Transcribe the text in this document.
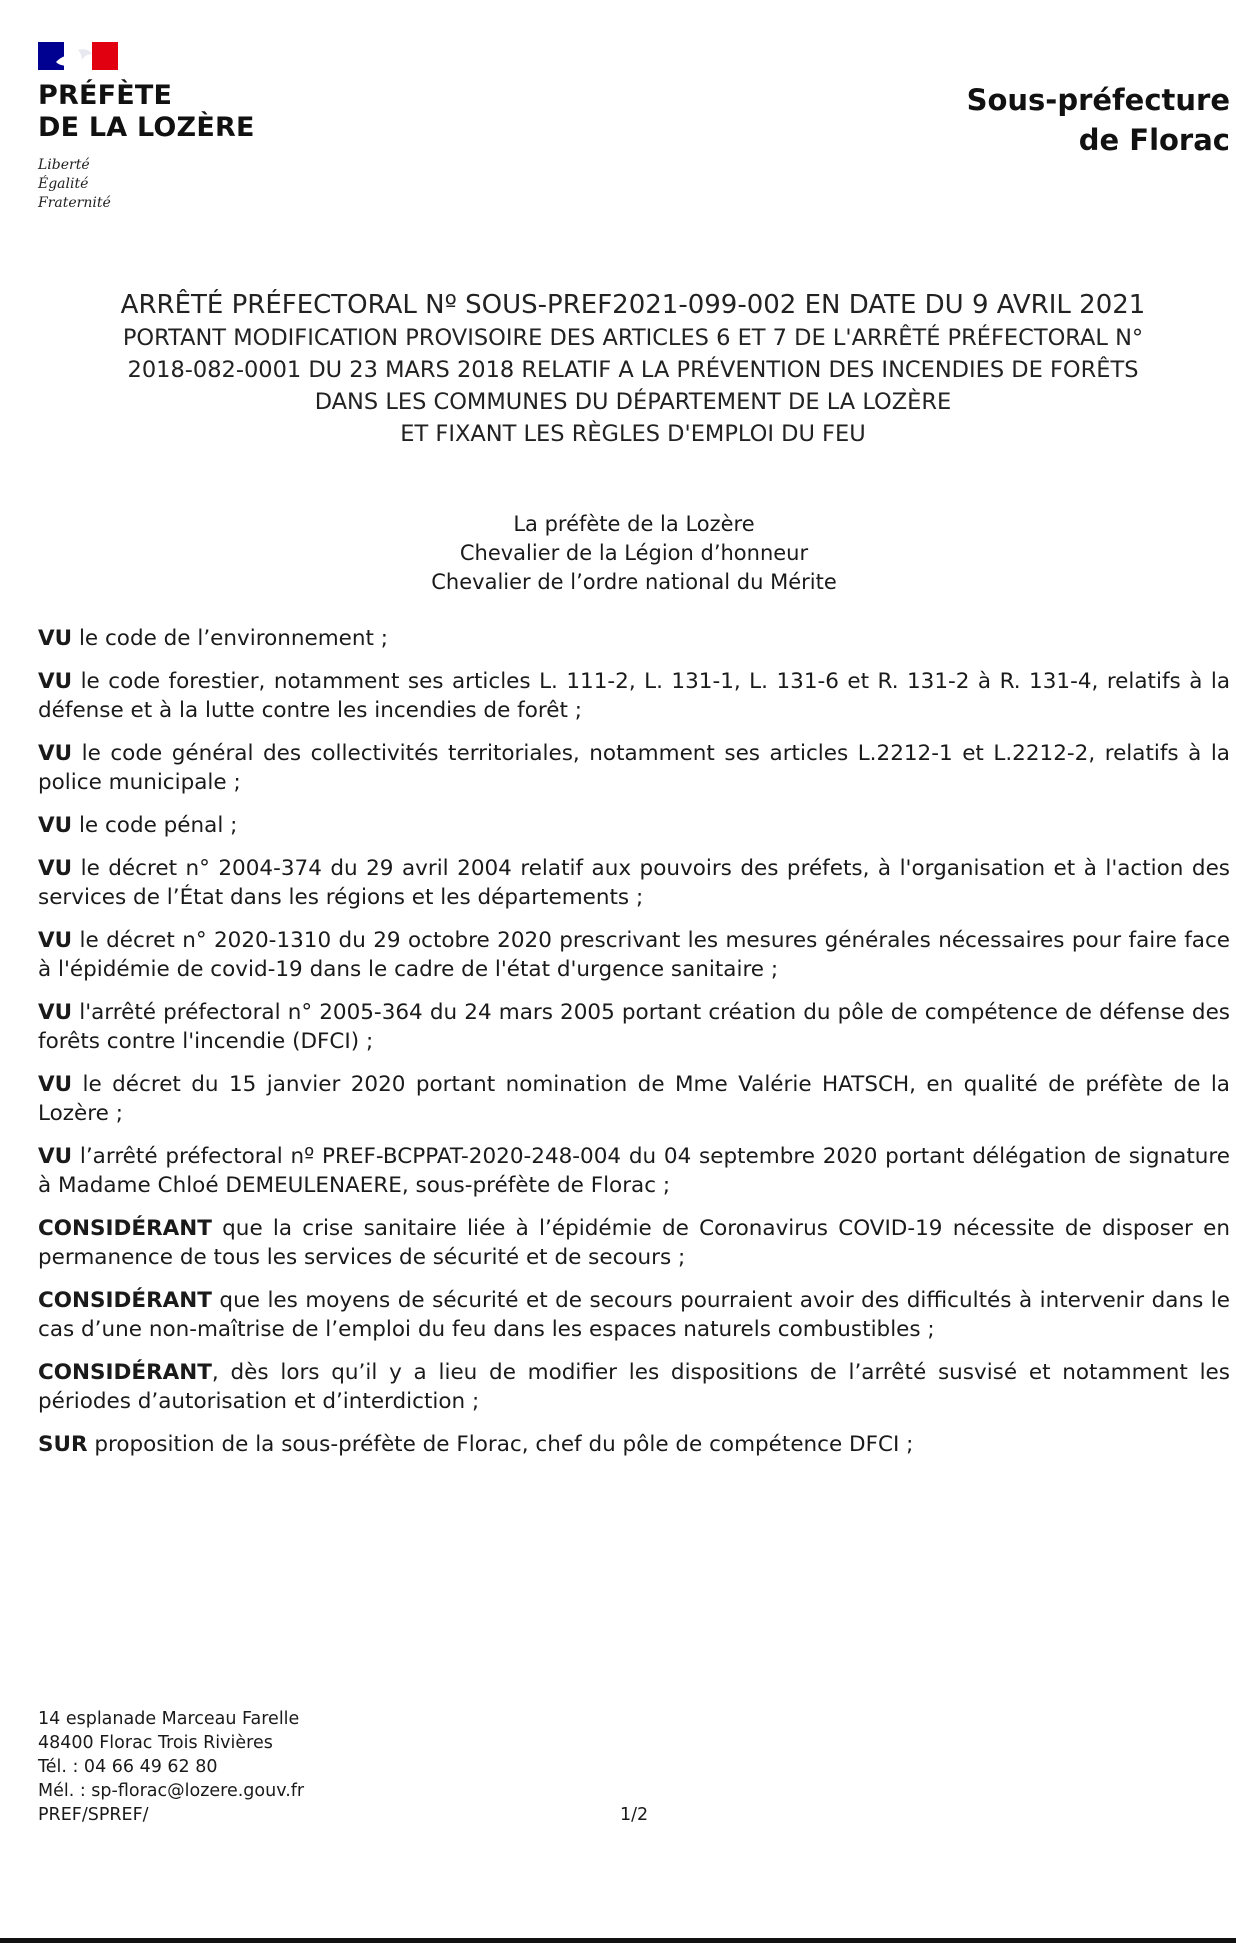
PRÉFÈTE
DE LA LOZÈRE
Liberté
Égalité
Fraternité
Sous-préfecture
de Florac
ARRÊTÉ PRÉFECTORAL Nº SOUS-PREF2021-099-002 EN DATE DU 9 AVRIL 2021
PORTANT MODIFICATION PROVISOIRE DES ARTICLES 6 ET 7 DE L'ARRÊTÉ PRÉFECTORAL N°
2018-082-0001 DU 23 MARS 2018 RELATIF A LA PRÉVENTION DES INCENDIES DE FORÊTS
DANS LES COMMUNES DU DÉPARTEMENT DE LA LOZÈRE
ET FIXANT LES RÈGLES D'EMPLOI DU FEU
La préfète de la Lozère
Chevalier de la Légion d’honneur
Chevalier de l’ordre national du Mérite

VU le code de l’environnement ;

VU le code forestier, notamment ses articles L. 111-2, L. 131-1, L. 131-6 et R. 131-2 à R. 131-4, relatifs à la défense et à la lutte contre les incendies de forêt ;

VU le code général des collectivités territoriales, notamment ses articles L.2212-1 et L.2212-2, relatifs à la police municipale ;

VU le code pénal ;

VU le décret n° 2004-374 du 29 avril 2004 relatif aux pouvoirs des préfets, à l'organisation et à l'action des services de l’État dans les régions et les départements ;

VU le décret n° 2020-1310 du 29 octobre 2020 prescrivant les mesures générales nécessaires pour faire face à l'épidémie de covid-19 dans le cadre de l'état d'urgence sanitaire ;

VU l'arrêté préfectoral n° 2005-364 du 24 mars 2005 portant création du pôle de compétence de défense des forêts contre l'incendie (DFCI) ;

VU le décret du 15 janvier 2020 portant nomination de Mme Valérie HATSCH, en qualité de préfète de la Lozère ;

VU l’arrêté préfectoral nº PREF-BCPPAT-2020-248-004 du 04 septembre 2020 portant délégation de signature à Madame Chloé DEMEULENAERE, sous-préfète de Florac ;

CONSIDÉRANT que la crise sanitaire liée à l’épidémie de Coronavirus COVID-19 nécessite de disposer en permanence de tous les services de sécurité et de secours ;

CONSIDÉRANT que les moyens de sécurité et de secours pourraient avoir des difficultés à intervenir dans le cas d’une non-maîtrise de l’emploi du feu dans les espaces naturels combustibles ;

CONSIDÉRANT, dès lors qu’il y a lieu de modifier les dispositions de l’arrêté susvisé et notamment les périodes d’autorisation et d’interdiction ;

SUR proposition de la sous-préfète de Florac, chef du pôle de compétence DFCI ;

14 esplanade Marceau Farelle
48400 Florac Trois Rivières
Tél. : 04 66 49 62 80
Mél. : sp-florac@lozere.gouv.fr
PREF/SPREF/	1/2
